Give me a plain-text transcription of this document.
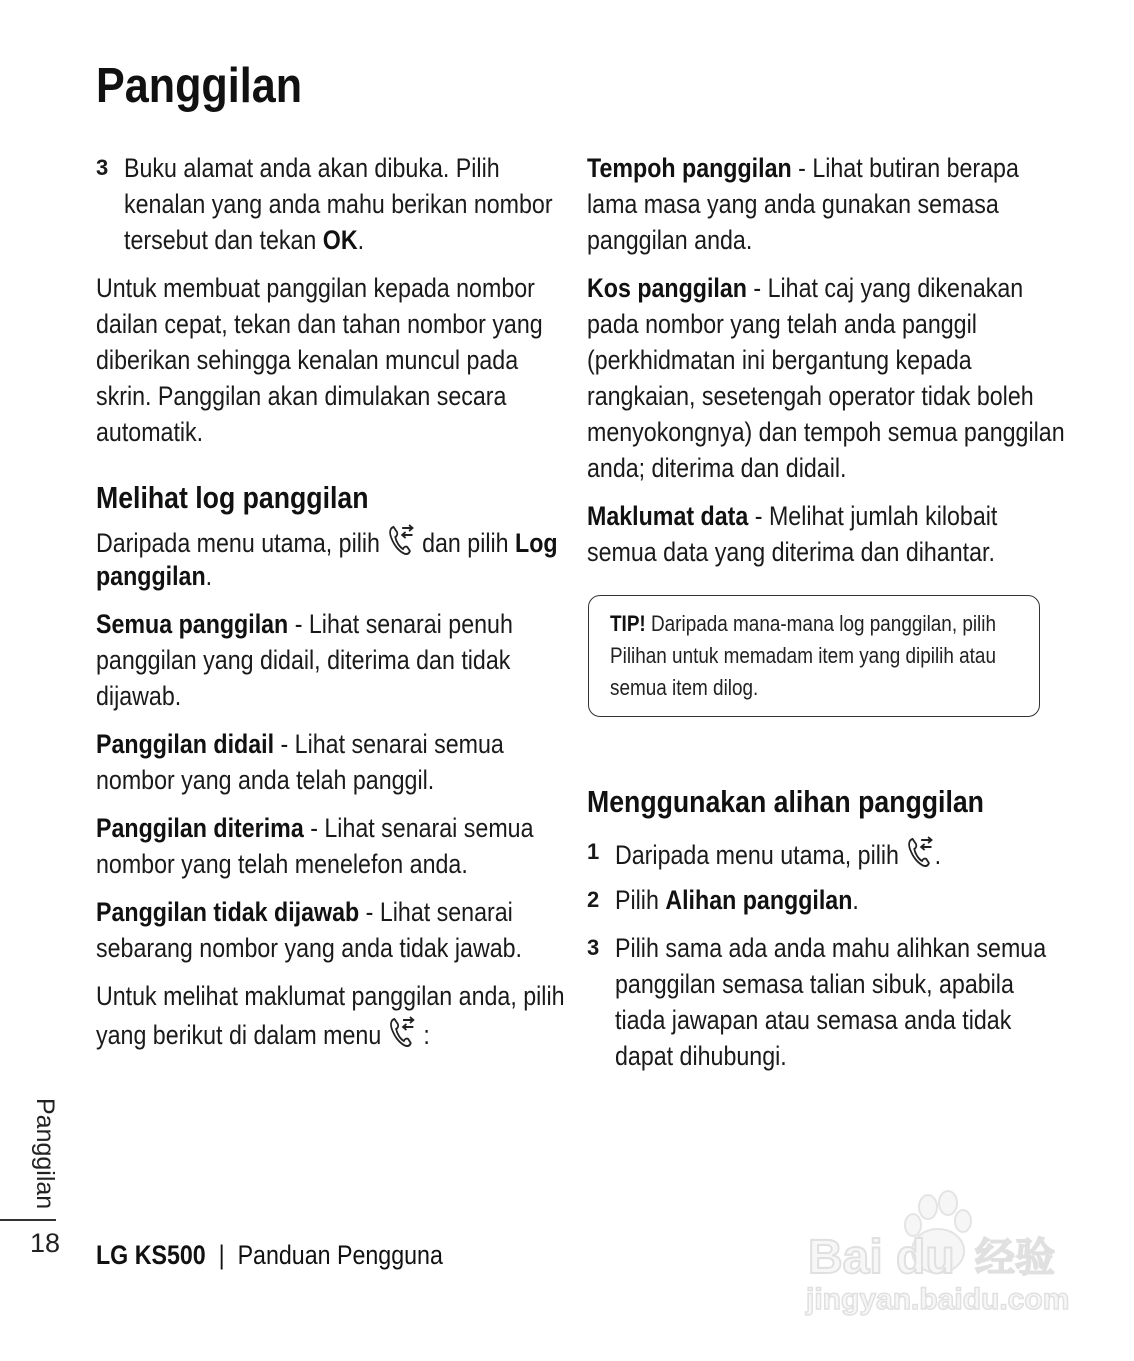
Panggilan
3 Buku alamat anda akan dibuka. Pilih
kenalan yang anda mahu berikan nombor
tersebut dan tekan OK.
Untuk membuat panggilan kepada nombor
dailan cepat, tekan dan tahan nombor yang
diberikan sehingga kenalan muncul pada
skrin. Panggilan akan dimulakan secara
automatik.
Melihat log panggilan
Daripada menu utama, pilih  dan pilih Log
panggilan.
Semua panggilan - Lihat senarai penuh
panggilan yang didail, diterima dan tidak
dijawab.
Panggilan didail - Lihat senarai semua
nombor yang anda telah panggil.
Panggilan diterima - Lihat senarai semua
nombor yang telah menelefon anda.
Panggilan tidak dijawab - Lihat senarai
sebarang nombor yang anda tidak jawab.
Untuk melihat maklumat panggilan anda, pilih
yang berikut di dalam menu  :
Tempoh panggilan - Lihat butiran berapa
lama masa yang anda gunakan semasa
panggilan anda.
Kos panggilan - Lihat caj yang dikenakan
pada nombor yang telah anda panggil
(perkhidmatan ini bergantung kepada
rangkaian, sesetengah operator tidak boleh
menyokongnya) dan tempoh semua panggilan
anda; diterima dan didail.
Maklumat data - Melihat jumlah kilobait
semua data yang diterima dan dihantar.
TIP! Daripada mana-mana log panggilan, pilih
Pilihan untuk memadam item yang dipilih atau
semua item dilog.
Menggunakan alihan panggilan
1 Daripada menu utama, pilih .
2 Pilih Alihan panggilan.
3 Pilih sama ada anda mahu alihkan semua
panggilan semasa talian sibuk, apabila
tiada jawapan atau semasa anda tidak
dapat dihubungi.
Panggilan
18 LG KS500 | Panduan Pengguna	Bai du 经验
jingyan.baidu.com
